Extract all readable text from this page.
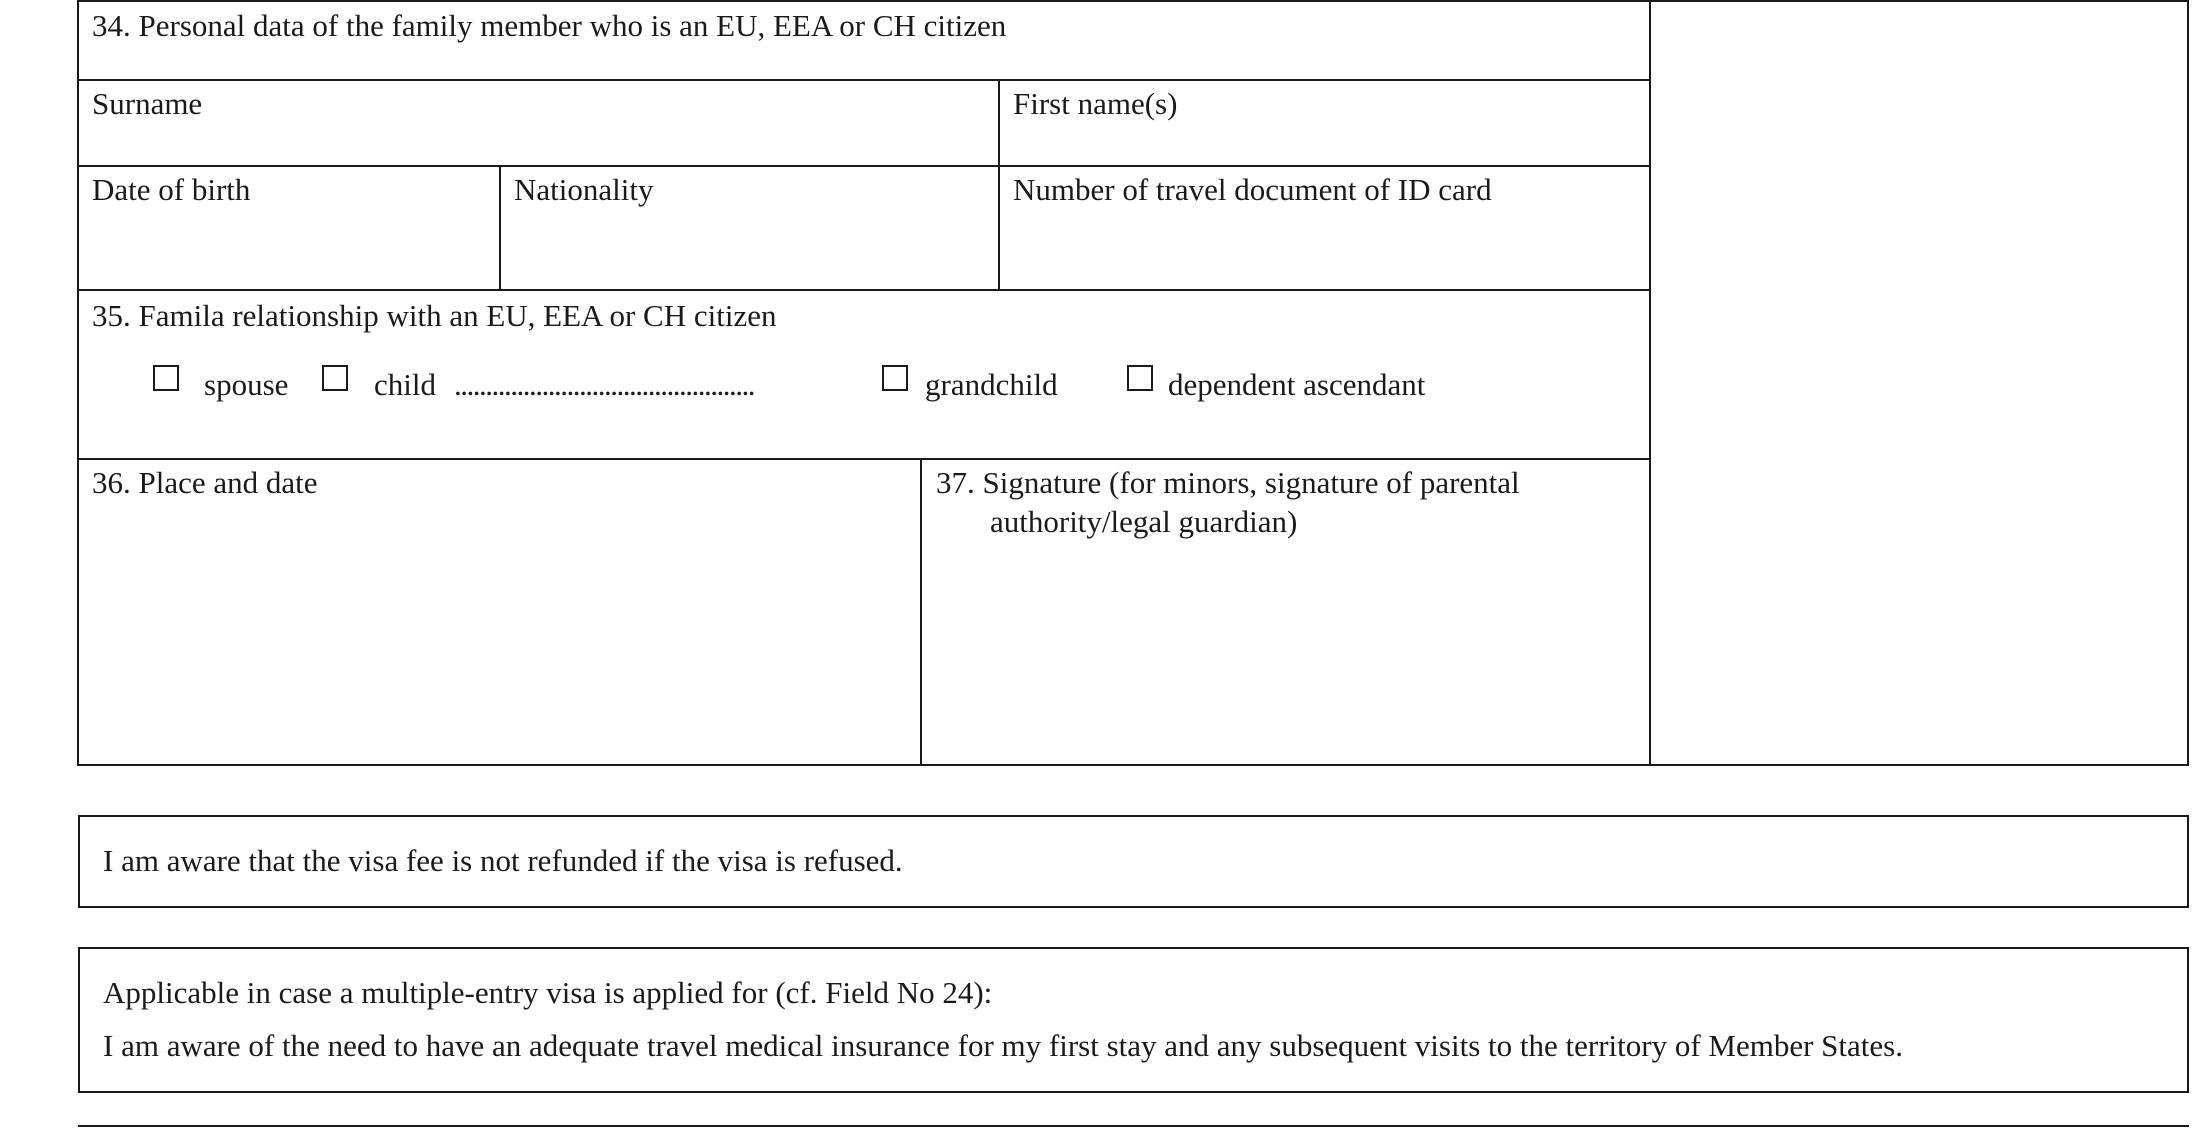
34. Personal data of the family member who is an EU, EEA or CH citizen
Surname	First name(s)
Date of birth	Nationality	Number of travel document of ID card
35. Famila relationship with an EU, EEA or CH citizen
spouse	child ................................................	grandchild	dependent ascendant
36. Place and date	37. Signature (for minors, signature of parental
authority/legal guardian)
I am aware that the visa fee is not refunded if the visa is refused.
Applicable in case a multiple-entry visa is applied for (cf. Field No 24):
I am aware of the need to have an adequate travel medical insurance for my first stay and any subsequent visits to the territory of Member States.
